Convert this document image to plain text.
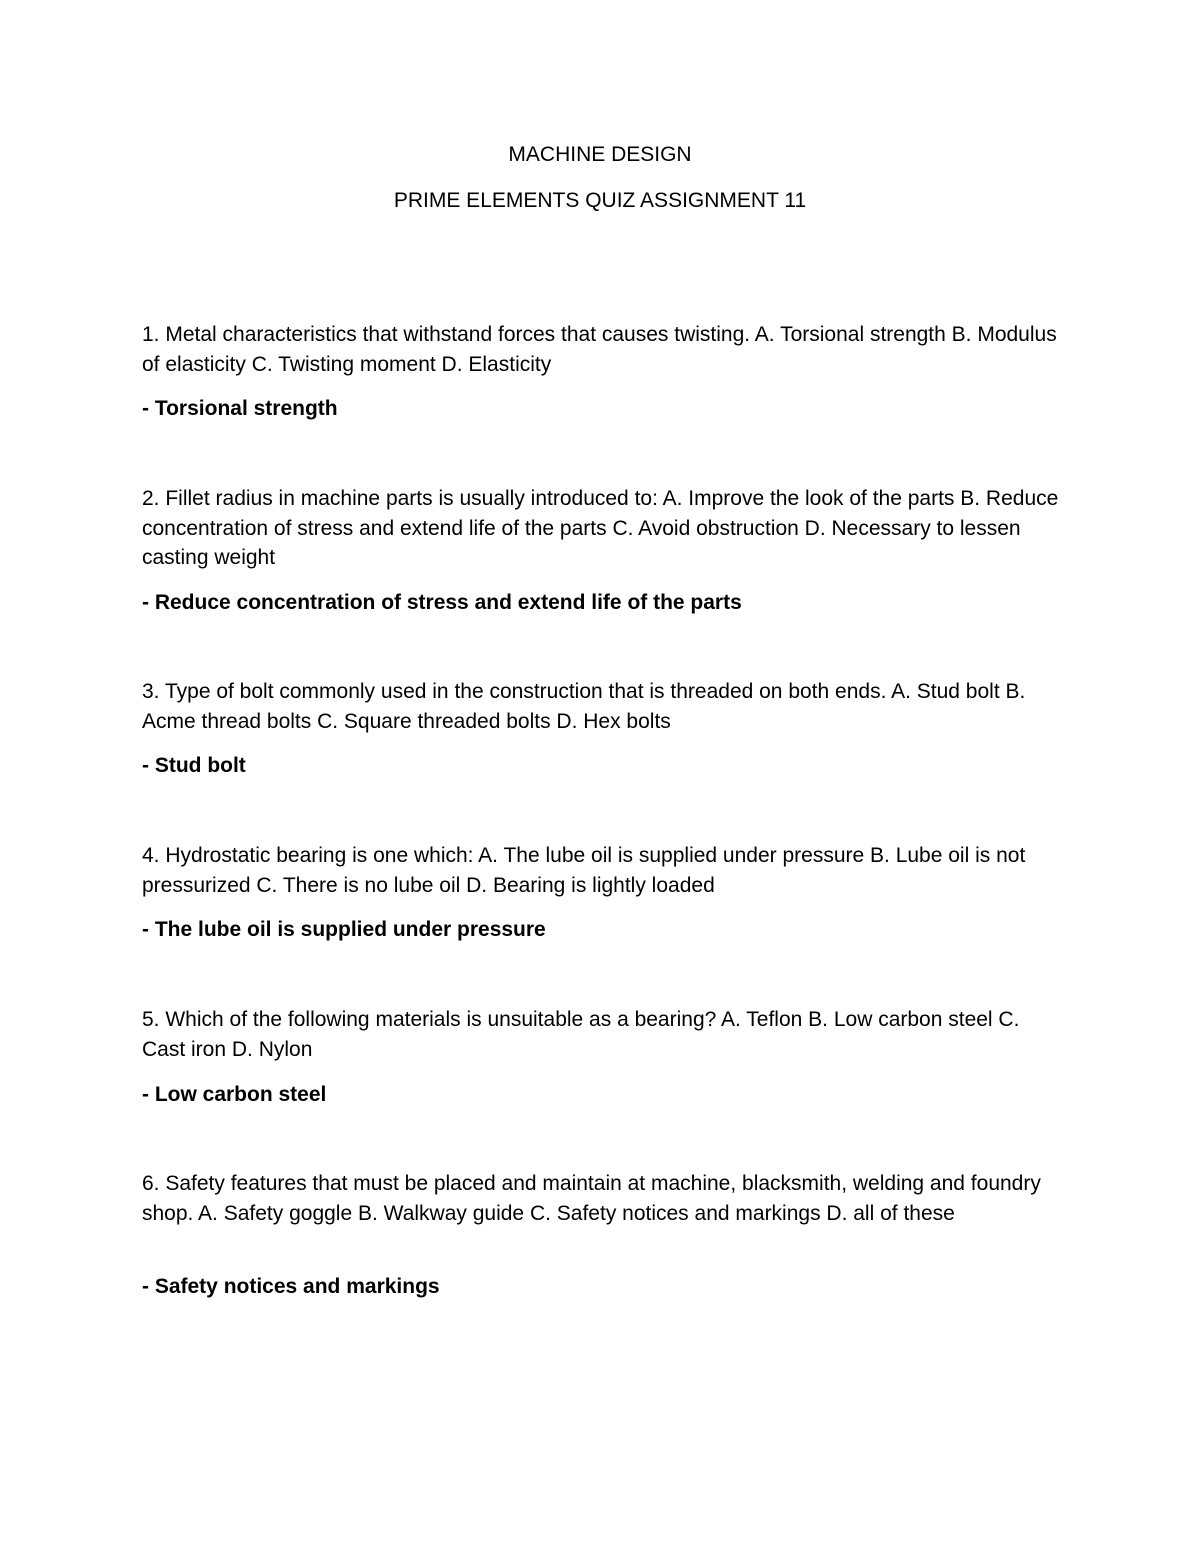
MACHINE DESIGN
PRIME ELEMENTS QUIZ ASSIGNMENT 11

1. Metal characteristics that withstand forces that causes twisting. A. Torsional strength B. Modulus of elasticity C. Twisting moment D. Elasticity

- Torsional strength

2. Fillet radius in machine parts is usually introduced to: A. Improve the look of the parts B. Reduce concentration of stress and extend life of the parts C. Avoid obstruction D. Necessary to lessen casting weight

- Reduce concentration of stress and extend life of the parts

3. Type of bolt commonly used in the construction that is threaded on both ends. A. Stud bolt B. Acme thread bolts C. Square threaded bolts D. Hex bolts

- Stud bolt

4. Hydrostatic bearing is one which: A. The lube oil is supplied under pressure B. Lube oil is not pressurized C. There is no lube oil D. Bearing is lightly loaded

- The lube oil is supplied under pressure

5. Which of the following materials is unsuitable as a bearing? A. Teflon B. Low carbon steel C. Cast iron D. Nylon

- Low carbon steel

6. Safety features that must be placed and maintain at machine, blacksmith, welding and foundry shop. A. Safety goggle B. Walkway guide C. Safety notices and markings D. all of these

- Safety notices and markings
